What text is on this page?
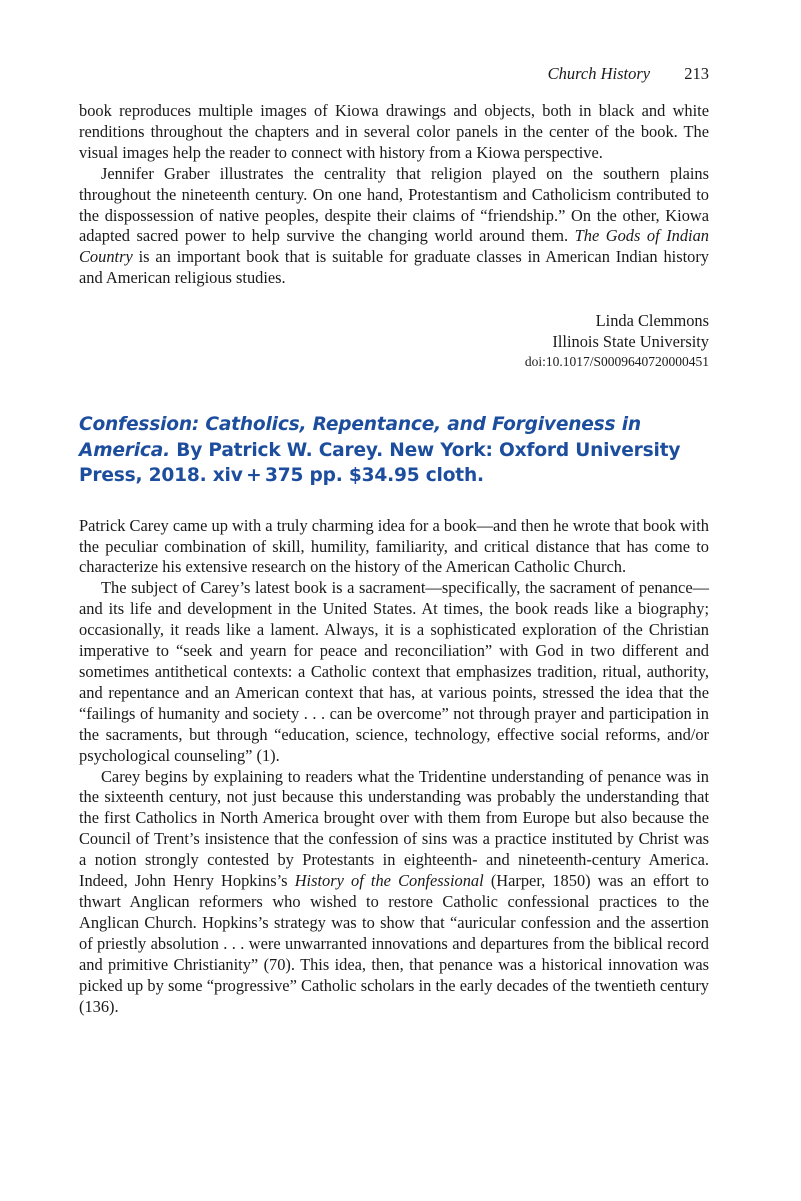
Church History 213

book reproduces multiple images of Kiowa drawings and objects, both in black and white renditions throughout the chapters and in several color panels in the center of the book. The visual images help the reader to connect with history from a Kiowa perspective.

Jennifer Graber illustrates the centrality that religion played on the southern plains throughout the nineteenth century. On one hand, Protestantism and Catholicism contributed to the dispossession of native peoples, despite their claims of “friendship.” On the other, Kiowa adapted sacred power to help survive the changing world around them. The Gods of Indian Country is an important book that is suitable for graduate classes in American Indian history and American religious studies.

Linda Clemmons
Illinois State University
doi:10.1017/S0009640720000451
Confession: Catholics, Repentance, and Forgiveness in America. By Patrick W. Carey. New York: Oxford University Press, 2018. xiv + 375 pp. $34.95 cloth.

Patrick Carey came up with a truly charming idea for a book—and then he wrote that book with the peculiar combination of skill, humility, familiarity, and critical distance that has come to characterize his extensive research on the history of the American Catholic Church.

The subject of Carey’s latest book is a sacrament—specifically, the sacrament of penance—and its life and development in the United States. At times, the book reads like a biography; occasionally, it reads like a lament. Always, it is a sophisticated exploration of the Christian imperative to “seek and yearn for peace and reconciliation” with God in two different and sometimes antithetical contexts: a Catholic context that emphasizes tradition, ritual, authority, and repentance and an American context that has, at various points, stressed the idea that the “failings of humanity and society . . . can be overcome” not through prayer and participation in the sacraments, but through “education, science, technology, effective social reforms, and/or psychological counseling” (1).

Carey begins by explaining to readers what the Tridentine understanding of penance was in the sixteenth century, not just because this understanding was probably the understanding that the first Catholics in North America brought over with them from Europe but also because the Council of Trent’s insistence that the confession of sins was a practice instituted by Christ was a notion strongly contested by Protestants in eighteenth- and nineteenth-century America. Indeed, John Henry Hopkins’s History of the Confessional (Harper, 1850) was an effort to thwart Anglican reformers who wished to restore Catholic confessional practices to the Anglican Church. Hopkins’s strategy was to show that “auricular confession and the assertion of priestly absolution . . . were unwarranted innovations and departures from the biblical record and primitive Christianity” (70). This idea, then, that penance was a historical innovation was picked up by some “progressive” Catholic scholars in the early decades of the twentieth century (136).
